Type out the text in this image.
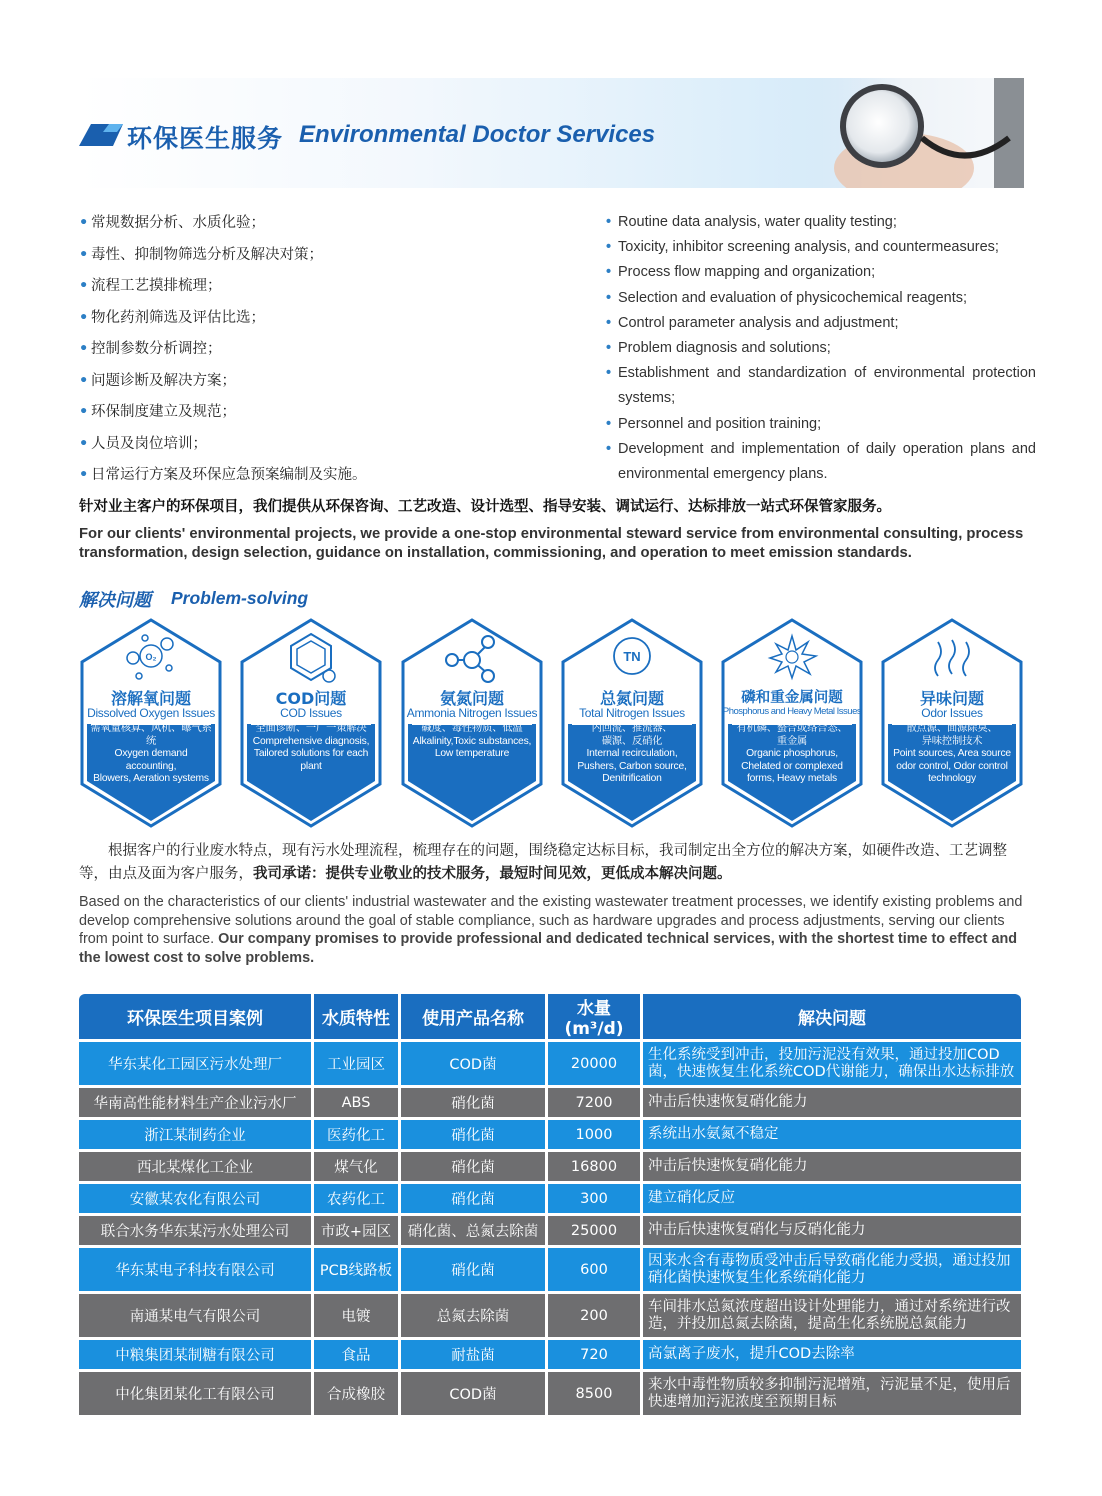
环保医生服务 Environmental Doctor Services
• 常规数据分析、水质化验；
• 毒性、抑制物筛选分析及解决对策；
• 流程工艺摸排梳理；
• 物化药剂筛选及评估比选；
• 控制参数分析调控；
• 问题诊断及解决方案；
• 环保制度建立及规范；
• 人员及岗位培训；
• 日常运行方案及环保应急预案编制及实施。
• Routine data analysis, water quality testing;
• Toxicity, inhibitor screening analysis, and countermeasures;
• Process flow mapping and organization;
• Selection and evaluation of physicochemical reagents;
• Control parameter analysis and adjustment;
• Problem diagnosis and solutions;
• Establishment and standardization of environmental protection systems;
• Personnel and position training;
• Development and implementation of daily operation plans and environmental emergency plans.
针对业主客户的环保项目，我们提供从环保咨询、工艺改造、设计选型、指导安装、调试运行、达标排放一站式环保管家服务。
For our clients' environmental projects, we provide a one-stop environmental steward service from environmental consulting, process transformation, design selection, guidance on installation, commissioning, and operation to meet emission standards.
解决问题 Problem-solving
O₂
溶解氧问题
Dissolved Oxygen Issues
需氧量核算、风机、曝气系统
Oxygen demand accounting,
Blowers, Aeration systems
COD问题
COD Issues
全面诊断、一厂一策解决
Comprehensive diagnosis,
Tailored solutions for each
plant
氨氮问题
Ammonia Nitrogen Issues
碱度、毒性物质、低温
Alkalinity,Toxic substances,
Low temperature
TN
总氮问题
Total Nitrogen Issues
内回流、推流器、
碳源、反硝化
Internal recirculation,
Pushers, Carbon source,
Denitrification
磷和重金属问题
Phosphorus and Heavy Metal Issues
有机磷、螯合或络合态、
重金属
Organic phosphorus,
Chelated or complexed
forms, Heavy metals
异味问题
Odor Issues
散点源、面源除臭、
异味控制技术
Point sources, Area source
odor control, Odor control
technology
根据客户的行业废水特点，现有污水处理流程，梳理存在的问题，围绕稳定达标目标，我司制定出全方位的解决方案，如硬件改造、工艺调整等，由点及面为客户服务，我司承诺：提供专业敬业的技术服务，最短时间见效，更低成本解决问题。
Based on the characteristics of our clients' industrial wastewater and the existing wastewater treatment processes, we identify existing problems and develop comprehensive solutions around the goal of stable compliance, such as hardware upgrades and process adjustments, serving our clients from point to surface. Our company promises to provide professional and dedicated technical services, with the shortest time to effect and the lowest cost to solve problems.
环保医生项目案例	水质特性	使用产品名称	水量(m³/d)	解决问题
华东某化工园区污水处理厂	工业园区	COD菌	20000	生化系统受到冲击，投加污泥没有效果，通过投加COD菌，快速恢复生化系统COD代谢能力，确保出水达标排放
华南高性能材料生产企业污水厂	ABS	硝化菌	7200	冲击后快速恢复硝化能力
浙江某制药企业	医药化工	硝化菌	1000	系统出水氨氮不稳定
西北某煤化工企业	煤气化	硝化菌	16800	冲击后快速恢复硝化能力
安徽某农化有限公司	农药化工	硝化菌	300	建立硝化反应
联合水务华东某污水处理公司	市政+园区	硝化菌、总氮去除菌	25000	冲击后快速恢复硝化与反硝化能力
华东某电子科技有限公司	PCB线路板	硝化菌	600	因来水含有毒物质受冲击后导致硝化能力受损，通过投加硝化菌快速恢复生化系统硝化能力
南通某电气有限公司	电镀	总氮去除菌	200	车间排水总氮浓度超出设计处理能力，通过对系统进行改造，并投加总氮去除菌，提高生化系统脱总氮能力
中粮集团某制糖有限公司	食品	耐盐菌	720	高氯离子废水，提升COD去除率
中化集团某化工有限公司	合成橡胶	COD菌	8500	来水中毒性物质较多抑制污泥增殖，污泥量不足，使用后快速增加污泥浓度至预期目标
